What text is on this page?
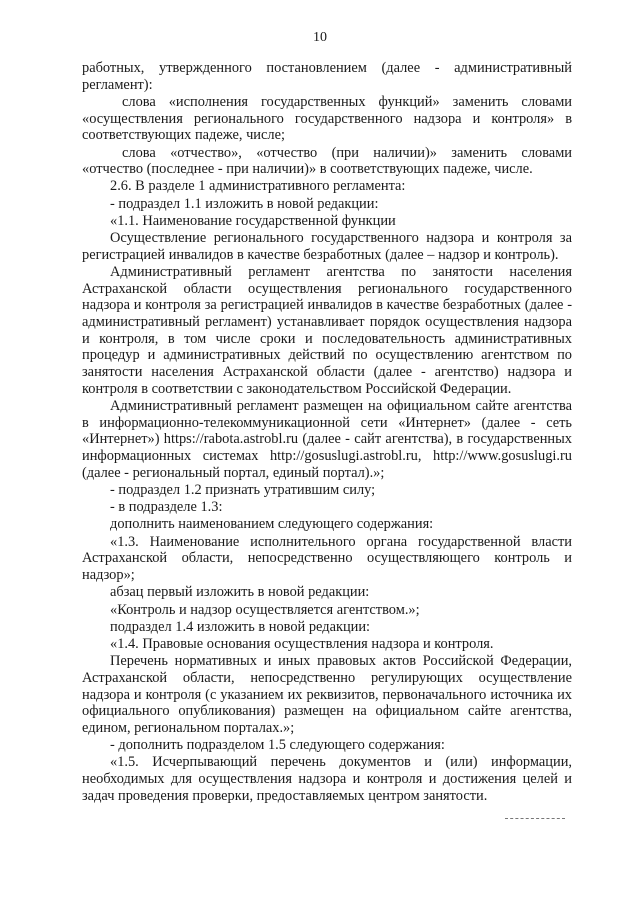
10

работных, утвержденного постановлением (далее - административный регламент):

слова «исполнения государственных функций» заменить словами «осуществления регионального государственного надзора и контроля» в соответствующих падеже, числе;

слова «отчество», «отчество (при наличии)» заменить словами «отчество (последнее - при наличии)» в соответствующих падеже, числе.

2.6. В разделе 1 административного регламента:

- подраздел 1.1 изложить в новой редакции:

«1.1. Наименование государственной функции

Осуществление регионального государственного надзора и контроля за регистрацией инвалидов в качестве безработных (далее – надзор и контроль).

Административный регламент агентства по занятости населения Астраханской области осуществления регионального государственного надзора и контроля за регистрацией инвалидов в качестве безработных (далее - административный регламент) устанавливает порядок осуществления надзора и контроля, в том числе сроки и последовательность административных процедур и административных действий по осуществлению агентством по занятости населения Астраханской области (далее - агентство) надзора и контроля в соответствии с законодательством Российской Федерации.

Административный регламент размещен на официальном сайте агентства в информационно-телекоммуникационной сети «Интернет» (далее - сеть «Интернет») https://rabota.astrobl.ru (далее - сайт агентства), в государственных информационных системах http://gosuslugi.astrobl.ru, http://www.gosuslugi.ru (далее - региональный портал, единый портал).»;

- подраздел 1.2 признать утратившим силу;

- в подразделе 1.3:

дополнить наименованием следующего содержания:

«1.3. Наименование исполнительного органа государственной власти Астраханской области, непосредственно осуществляющего контроль и надзор»;

абзац первый изложить в новой редакции:

«Контроль и надзор осуществляется агентством.»;

подраздел 1.4 изложить в новой редакции:

«1.4. Правовые основания осуществления надзора и контроля.

Перечень нормативных и иных правовых актов Российской Федерации, Астраханской области, непосредственно регулирующих осуществление надзора и контроля (с указанием их реквизитов, первоначального источника их официального опубликования) размещен на официальном сайте агентства, едином, региональном порталах.»;

- дополнить подразделом 1.5 следующего содержания:

«1.5. Исчерпывающий перечень документов и (или) информации, необходимых для осуществления надзора и контроля и достижения целей и задач проведения проверки, предоставляемых центром занятости.
